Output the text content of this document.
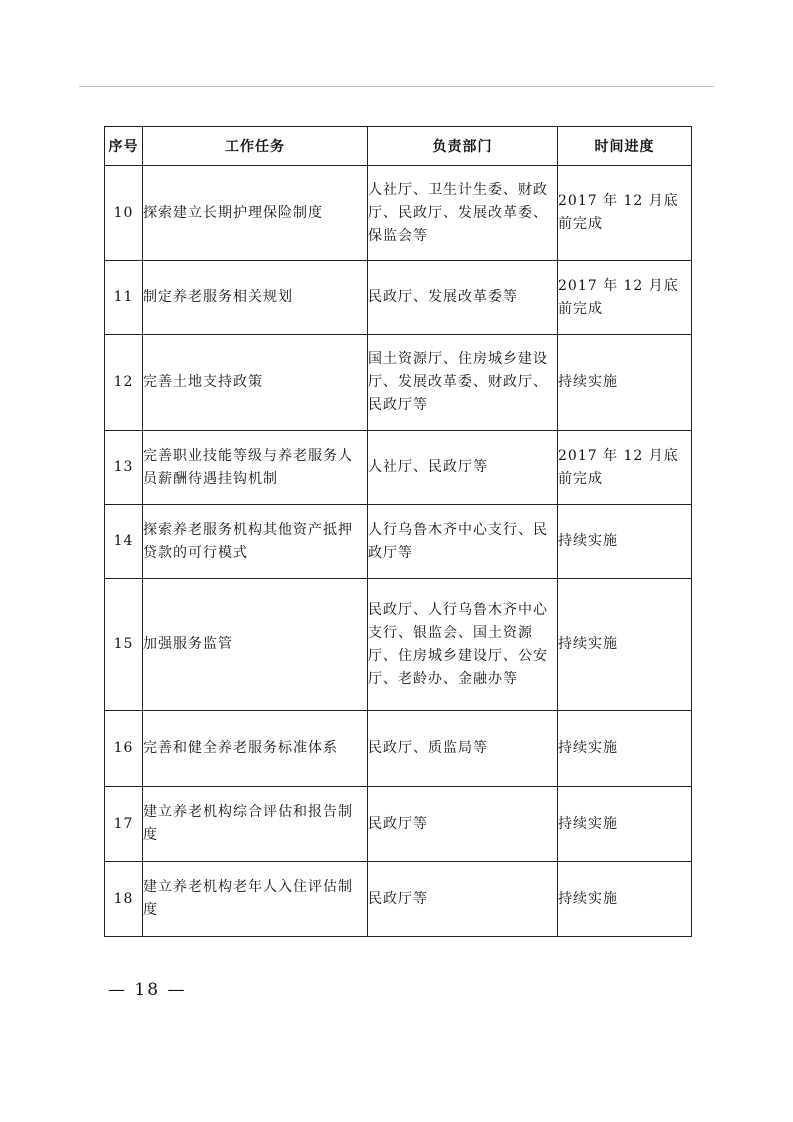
序号	工作任务	负责部门	时间进度
10	探索建立长期护理保险制度	人社厅、卫生计生委、财政厅、民政厅、发展改革委、保监会等	2017 年 12 月底前完成
11	制定养老服务相关规划	民政厅、发展改革委等	2017 年 12 月底前完成
12	完善土地支持政策	国土资源厅、住房城乡建设厅、发展改革委、财政厅、民政厅等	持续实施
13	完善职业技能等级与养老服务人员薪酬待遇挂钩机制	人社厅、民政厅等	2017 年 12 月底前完成
14	探索养老服务机构其他资产抵押贷款的可行模式	人行乌鲁木齐中心支行、民政厅等	持续实施
15	加强服务监管	民政厅、人行乌鲁木齐中心支行、银监会、国土资源厅、住房城乡建设厅、公安厅、老龄办、金融办等	持续实施
16	完善和健全养老服务标准体系	民政厅、质监局等	持续实施
17	建立养老机构综合评估和报告制度	民政厅等	持续实施
18	建立养老机构老年人入住评估制度	民政厅等	持续实施
— 18 —
